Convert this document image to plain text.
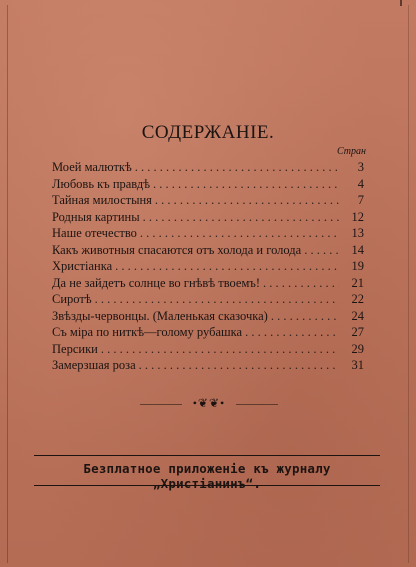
СОДЕРЖАНІЕ.
Стран
Моей малюткѣ . . .	3
Любовь къ правдѣ . . .	4
Тайная милостыня . . .	7
Родныя картины . . .	12
Наше отечество . . .	13
Какъ животныя спасаются отъ холода и голода . . .	14
Христіанка . . .	19
Да не зайдетъ солнце во гнѣвѣ твоемъ! . . .	21
Сиротѣ . . .	22
Звѣзды-червонцы. (Маленькая сказочка) . . .	24
Съ міра по ниткѣ—голому рубашка . . .	27
Персики . . .	29
Замерзшая роза . . .	31
•❦❦•
Безплатное приложеніе къ журналу „Христіанинъ“.
